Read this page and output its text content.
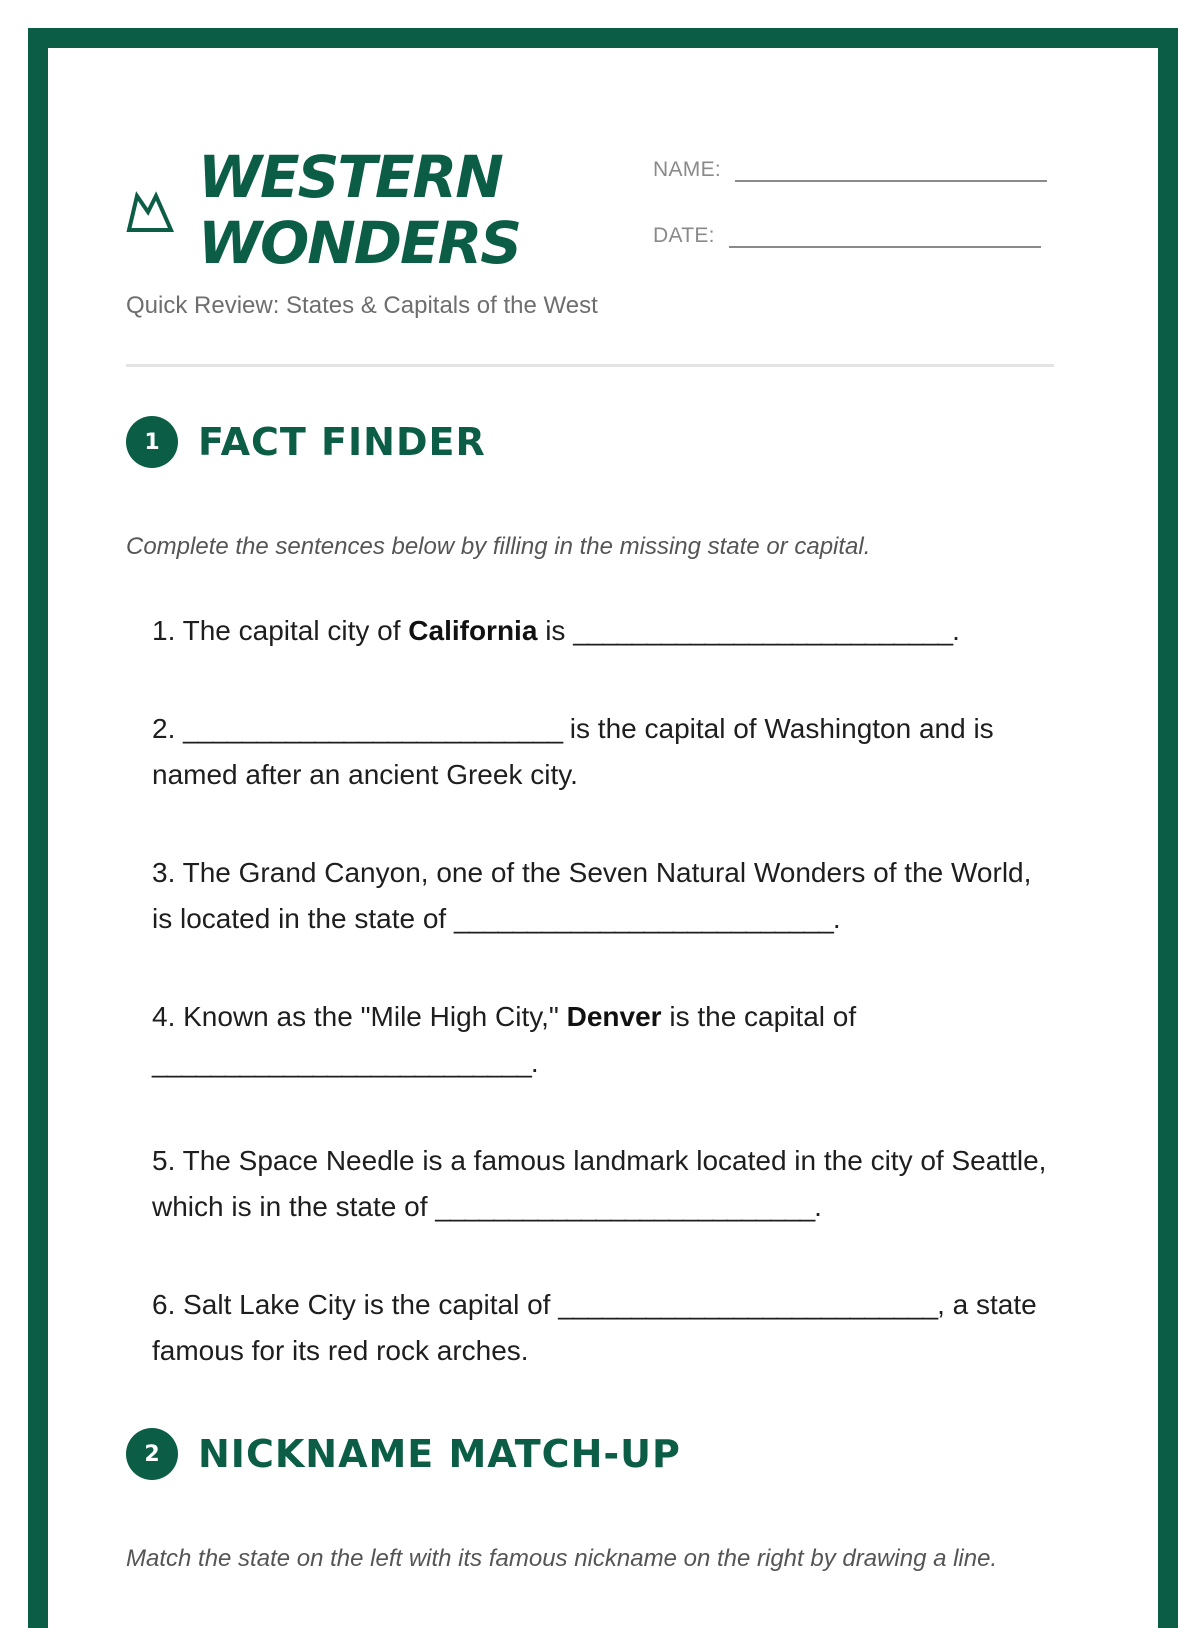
WESTERN
WONDERS
NAME:
DATE:

Quick Review: States & Capitals of the West

1	FACT FINDER

Complete the sentences below by filling in the missing state or capital.

1. The capital city of California is __________________________.
2. __________________________ is the capital of Washington and is named after an ancient Greek city.
3. The Grand Canyon, one of the Seven Natural Wonders of the World, is located in the state of __________________________.
4. Known as the "Mile High City," Denver is the capital of __________________________.
5. The Space Needle is a famous landmark located in the city of Seattle, which is in the state of __________________________.
6. Salt Lake City is the capital of __________________________, a state famous for its red rock arches.
2	NICKNAME MATCH-UP

Match the state on the left with its famous nickname on the right by drawing a line.
